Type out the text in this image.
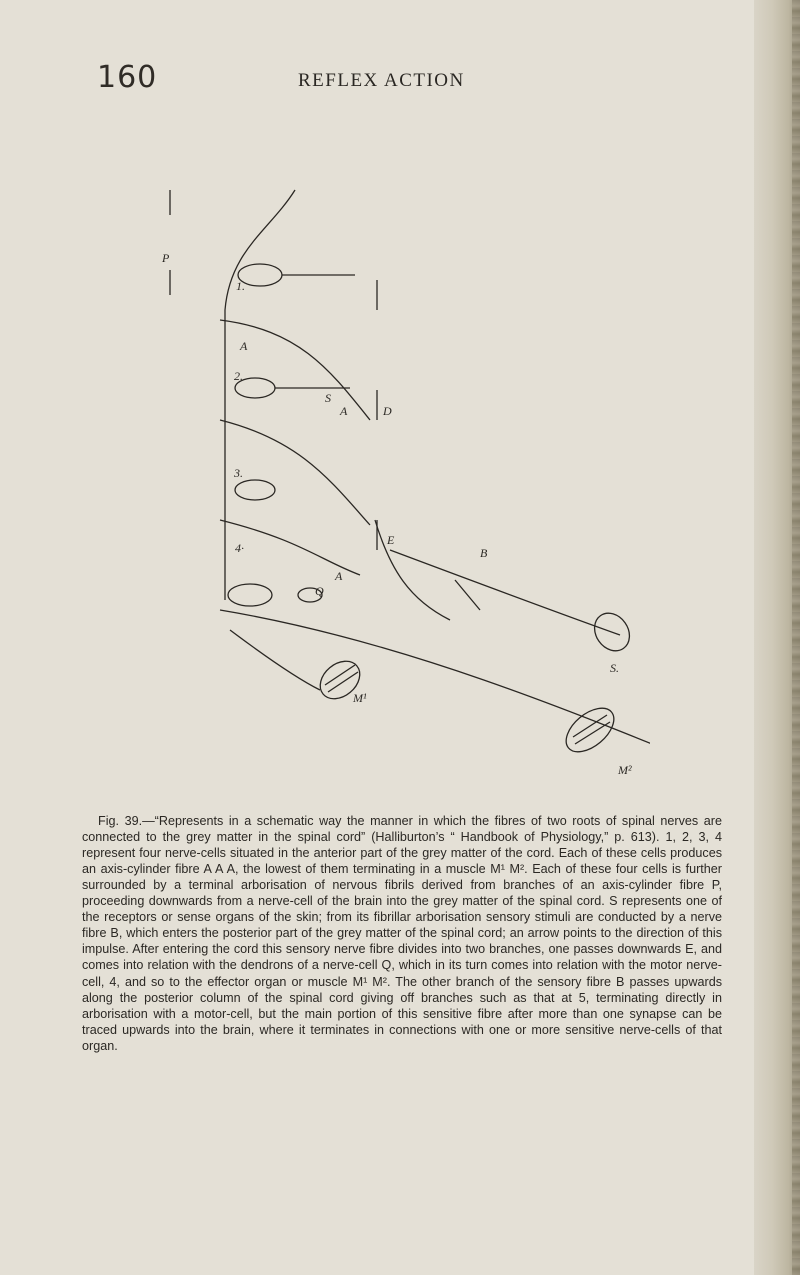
160	REFLEX ACTION
P
1.
2.
3.
4·
A
A
A
S
D
E
B
Q
S.
M¹
M²

Fig. 39.—“Represents in a schematic way the manner in which the fibres of two roots of spinal nerves are connected to the grey matter in the spinal cord” (Halliburton’s “ Handbook of Physiology,” p. 613). 1, 2, 3, 4 represent four nerve-cells situated in the anterior part of the grey matter of the cord. Each of these cells produces an axis-cylinder fibre A A A, the lowest of them terminating in a muscle M¹ M². Each of these four cells is further surrounded by a terminal arborisation of nervous fibrils derived from branches of an axis-cylinder fibre P, proceeding downwards from a nerve-cell of the brain into the grey matter of the spinal cord. S represents one of the receptors or sense organs of the skin; from its fibrillar arborisation sensory stimuli are conducted by a nerve fibre B, which enters the posterior part of the grey matter of the spinal cord; an arrow points to the direction of this impulse. After entering the cord this sensory nerve fibre divides into two branches, one passes downwards E, and comes into relation with the dendrons of a nerve-cell Q, which in its turn comes into relation with the motor nerve-cell, 4, and so to the effector organ or muscle M¹ M². The other branch of the sensory fibre B passes upwards along the posterior column of the spinal cord giving off branches such as that at 5, terminating directly in arborisation with a motor-cell, but the main portion of this sensitive fibre after more than one synapse can be traced upwards into the brain, where it terminates in connections with one or more sensitive nerve-cells of that organ.
